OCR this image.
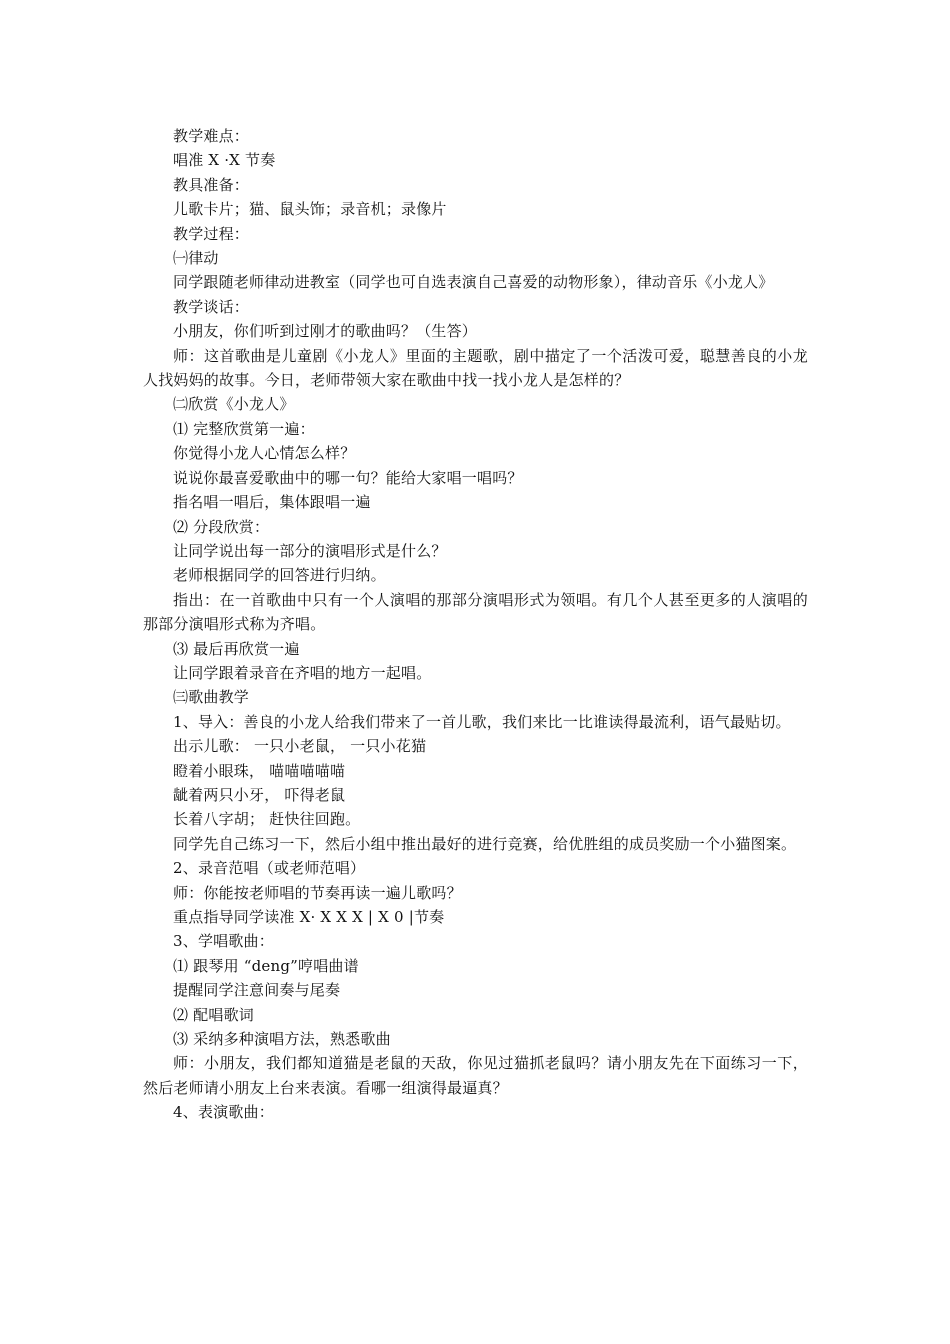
教学难点：

唱准 X ·X 节奏

教具准备：

儿歌卡片；猫、鼠头饰；录音机；录像片

教学过程：

㈠律动

同学跟随老师律动进教室（同学也可自选表演自己喜爱的动物形象），律动音乐《小龙人》

教学谈话：

小朋友，你们听到过刚才的歌曲吗？（生答）

师：这首歌曲是儿童剧《小龙人》里面的主题歌，剧中描定了一个活泼可爱，聪慧善良的小龙人找妈妈的故事。今日，老师带领大家在歌曲中找一找小龙人是怎样的？

㈡欣赏《小龙人》

⑴ 完整欣赏第一遍：

你觉得小龙人心情怎么样？

说说你最喜爱歌曲中的哪一句？能给大家唱一唱吗？

指名唱一唱后，集体跟唱一遍

⑵ 分段欣赏：

让同学说出每一部分的演唱形式是什么？

老师根据同学的回答进行归纳。

指出：在一首歌曲中只有一个人演唱的那部分演唱形式为领唱。有几个人甚至更多的人演唱的那部分演唱形式称为齐唱。

⑶ 最后再欣赏一遍

让同学跟着录音在齐唱的地方一起唱。

㈢歌曲教学

1、导入：善良的小龙人给我们带来了一首儿歌，我们来比一比谁读得最流利，语气最贴切。

出示儿歌： 一只小老鼠， 一只小花猫

瞪着小眼珠， 喵喵喵喵喵

龇着两只小牙， 吓得老鼠

长着八字胡； 赶快往回跑。

同学先自己练习一下，然后小组中推出最好的进行竞赛，给优胜组的成员奖励一个小猫图案。

2、录音范唱（或老师范唱）

师：你能按老师唱的节奏再读一遍儿歌吗？

重点指导同学读准 X· X X X | X 0 |节奏

3、学唱歌曲：

⑴ 跟琴用 “deng”哼唱曲谱

提醒同学注意间奏与尾奏

⑵ 配唱歌词

⑶ 采纳多种演唱方法，熟悉歌曲

师：小朋友，我们都知道猫是老鼠的天敌，你见过猫抓老鼠吗？请小朋友先在下面练习一下，然后老师请小朋友上台来表演。看哪一组演得最逼真？

4、表演歌曲：
